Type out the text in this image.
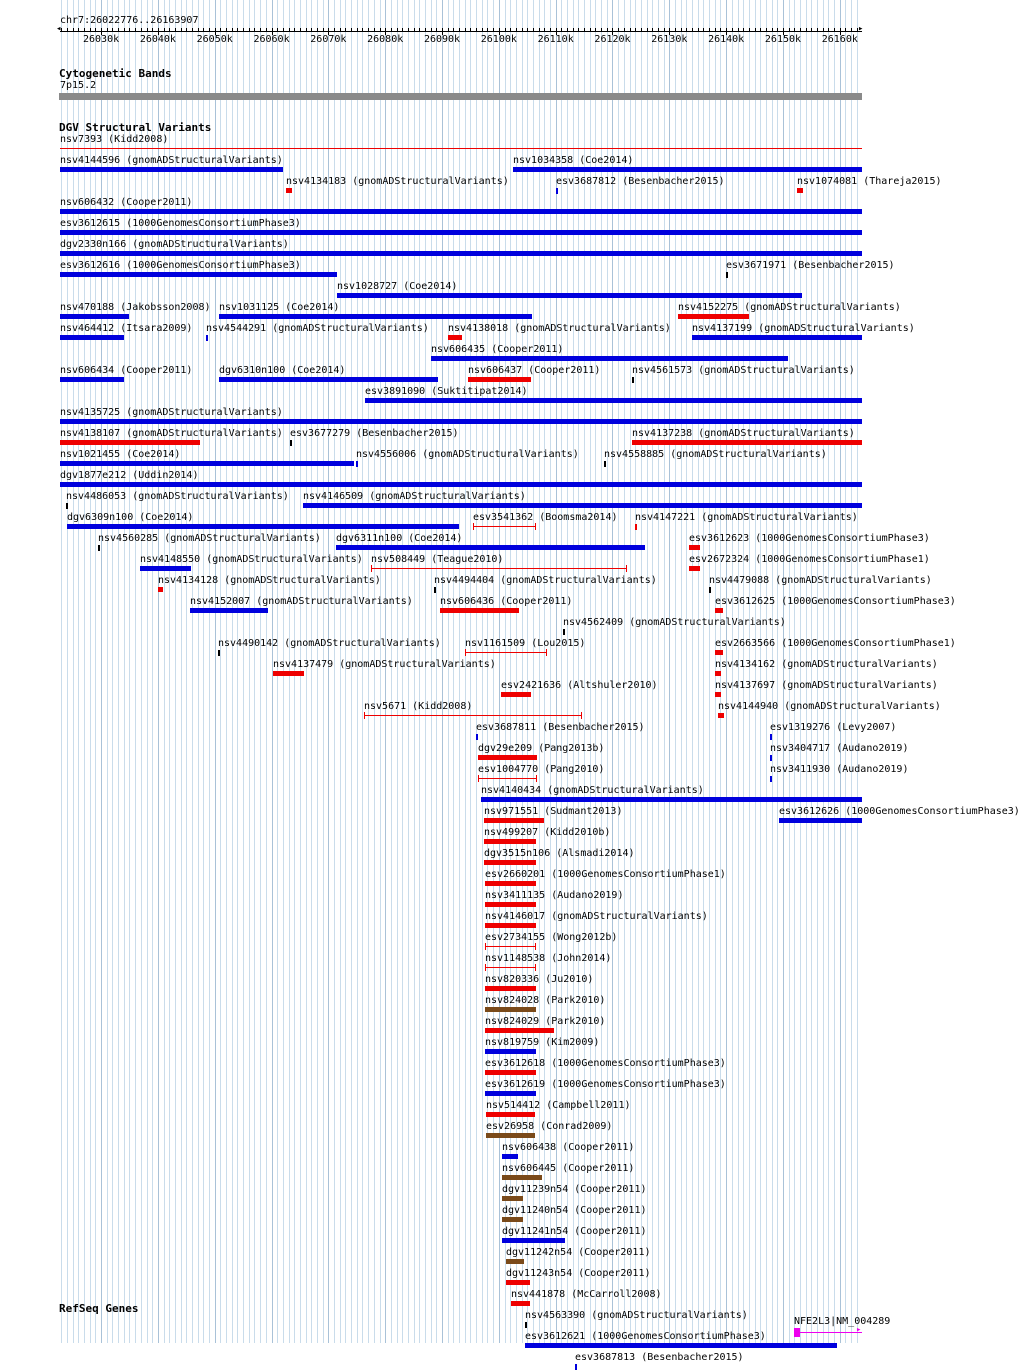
chr7:26022776..26163907
◂	▸
26030k 26040k 26050k 26060k 26070k 26080k 26090k 26100k 26110k 26120k 26130k 26140k 26150k 26160k
Cytogenetic Bands
7p15.2
DGV Structural Variants
nsv7393 (Kidd2008)
nsv4144596 (gnomADStructuralVariants)
nsv4134183 (gnomADStructuralVariants)
nsv1034358 (Coe2014)
nsv606432 (Cooper2011)
esv3612615 (1000GenomesConsortiumPhase3)
dgv2330n166 (gnomADStructuralVariants)
esv3612616 (1000GenomesConsortiumPhase3)
nsv1028727 (Coe2014)
nsv470188 (Jakobsson2008) nsv1031125 (Coe2014)
esv3687812 (Besenbacher2015)
esv3671971 (Besenbacher2015)
nsv464412 (Itsara2009) nsv4544291 (gnomADStructuralVariants)
nsv606435 (Cooper2011)
nsv1074081 (Thareja2015)
nsv606434 (Cooper2011)	dgv6310n100 (Coe2014)
nsv4138018 (gnomADStructuralVariants)
nsv4152275 (gnomADStructuralVariants)
esv3891090 (Suktitipat2014)
nsv4135725 (gnomADStructuralVariants)
nsv4138107 (gnomADStructuralVariants) esv3677279 (Besenbacher2015)
nsv606437 (Cooper2011)	nsv4561573 (gnomADStructuralVariants)
nsv1021455 (Coe2014)	nsv4556006 (gnomADStructuralVariants)
nsv4137238 (gnomADStructuralVariants)
dgv1877e212 (Uddin2014)
nsv4486053 (gnomADStructuralVariants) nsv4146509 (gnomADStructuralVariants)
dgv6309n100 (Coe2014)	esv3541362 (Boomsma2014)
nsv4558885 (gnomADStructuralVariants)
nsv4560285 (gnomADStructuralVariants) dgv6311n100 (Coe2014)
nsv4137199 (gnomADStructuralVariants)
nsv4148550 (gnomADStructuralVariants) nsv508449 (Teague2010)
nsv4147221 (gnomADStructuralVariants)
nsv4134128 (gnomADStructuralVariants)	nsv4494404 (gnomADStructuralVariants)
esv3612623 (1000GenomesConsortiumPhase3)
nsv4152007 (gnomADStructuralVariants)	nsv606436 (Cooper2011)
nsv4562409 (gnomADStructuralVariants)
nsv4490142 (gnomADStructuralVariants) nsv1161509 (Lou2015)
esv2672324 (1000GenomesConsortiumPhase1)
nsv4137479 (gnomADStructuralVariants)
esv2421636 (Altshuler2010)
nsv4479088 (gnomADStructuralVariants)
nsv5671 (Kidd2008)
esv3612625 (1000GenomesConsortiumPhase3)
esv3687811 (Besenbacher2015)
esv2663566 (1000GenomesConsortiumPhase1)
dgv29e209 (Pang2013b)
nsv4134162 (gnomADStructuralVariants)
esv1004770 (Pang2010)
nsv4137697 (gnomADStructuralVariants)
nsv4140434 (gnomADStructuralVariants)
nsv971551 (Sudmant2013)
nsv4144940 (gnomADStructuralVariants)
nsv499207 (Kidd2010b)
esv1319276 (Levy2007)
dgv3515n106 (Alsmadi2014)
nsv3404717 (Audano2019)
esv2660201 (1000GenomesConsortiumPhase1)
nsv3411930 (Audano2019)
nsv3411135 (Audano2019)
esv3612626 (1000GenomesConsortiumPhase3)
nsv4146017 (gnomADStructuralVariants)
esv2734155 (Wong2012b)
nsv1148538 (John2014)
nsv820336 (Ju2010)
nsv824028 (Park2010)
nsv824029 (Park2010)
nsv819759 (Kim2009)
esv3612618 (1000GenomesConsortiumPhase3)
esv3612619 (1000GenomesConsortiumPhase3)
nsv514412 (Campbell2011)
esv26958 (Conrad2009)
nsv606438 (Cooper2011)
nsv606445 (Cooper2011)
dgv11239n54 (Cooper2011)
dgv11240n54 (Cooper2011)
dgv11241n54 (Cooper2011)
dgv11242n54 (Cooper2011)
dgv11243n54 (Cooper2011)
nsv441878 (McCarroll2008)
nsv4563390 (gnomADStructuralVariants)
esv3612621 (1000GenomesConsortiumPhase3)
esv3687813 (Besenbacher2015)
RefSeq Genes
NFE2L3|NM_004289
▸
